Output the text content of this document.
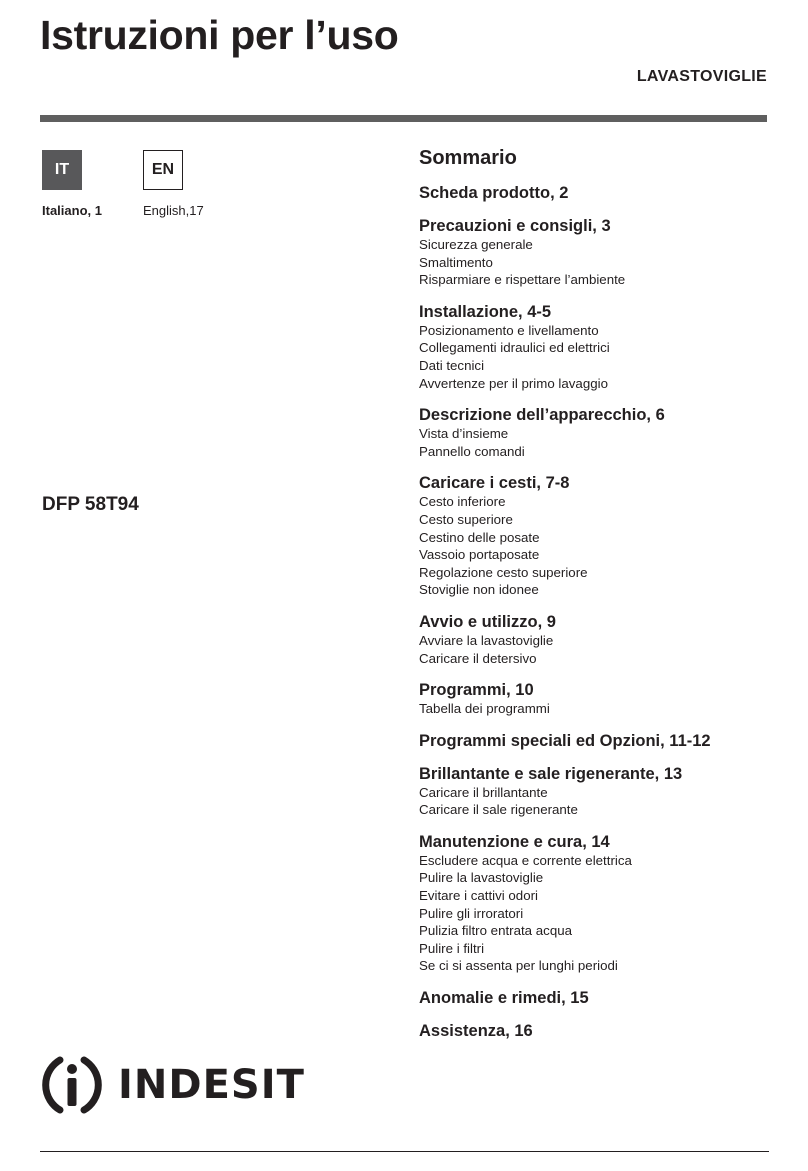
Istruzioni per l’uso
LAVASTOVIGLIE
IT	EN
Italiano, 1	English,17
DFP 58T94
INDESIT
Sommario
Scheda prodotto, 2
Precauzioni e consigli, 3
Sicurezza generale
Smaltimento
Risparmiare e rispettare l’ambiente
Installazione, 4-5
Posizionamento e livellamento
Collegamenti idraulici ed elettrici
Dati tecnici
Avvertenze per il primo lavaggio
Descrizione dell’apparecchio, 6
Vista d’insieme
Pannello comandi
Caricare i cesti, 7-8
Cesto inferiore
Cesto superiore
Cestino delle posate
Vassoio portaposate
Regolazione cesto superiore
Stoviglie non idonee
Avvio e utilizzo, 9
Avviare la lavastoviglie
Caricare il detersivo
Programmi, 10
Tabella dei programmi
Programmi speciali ed Opzioni, 11-12
Brillantante e sale rigenerante, 13
Caricare il brillantante
Caricare il sale rigenerante
Manutenzione e cura, 14
Escludere acqua e corrente elettrica
Pulire la lavastoviglie
Evitare i cattivi odori
Pulire gli irroratori
Pulizia filtro entrata acqua
Pulire i filtri
Se ci si assenta per lunghi periodi
Anomalie e rimedi, 15
Assistenza, 16
